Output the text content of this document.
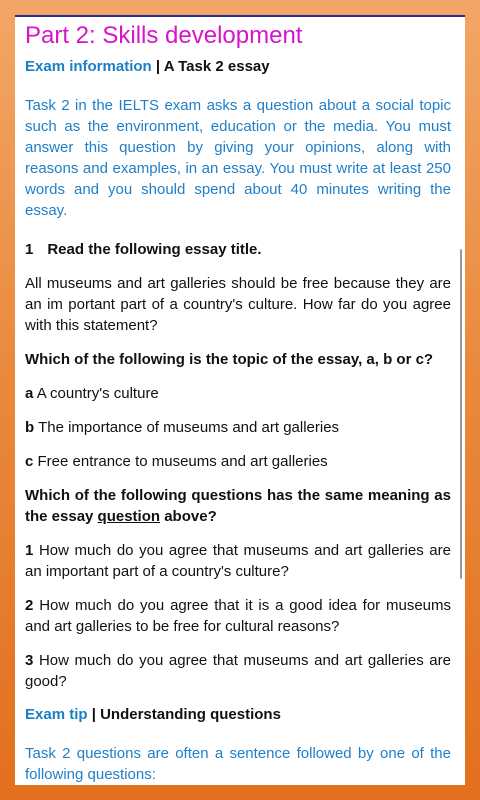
Part 2: Skills development
Exam information | A Task 2 essay

Task 2 in the IELTS exam asks a question about a social topic such as the environment, education or the media. You must answer this question by giving your opinions, along with reasons and examples, in an essay. You must write at least 250 words and you should spend about 40 minutes writing the essay.

1 Read the following essay title.

All museums and art galleries should be free because they are an im portant part of a country's culture. How far do you agree with this statement?

Which of the following is the topic of the essay, a, b or c?

a A country's culture
b The importance of museums and art galleries
c Free entrance to museums and art galleries

Which of the following questions has the same meaning as the essay question above?

1 How much do you agree that museums and art galleries are an important part of a country's culture?

2 How much do you agree that it is a good idea for museums and art galleries to be free for cultural reasons?

3 How much do you agree that museums and art galleries are good?

Exam tip | Understanding questions

Task 2 questions are often a sentence followed by one of the following questions:
